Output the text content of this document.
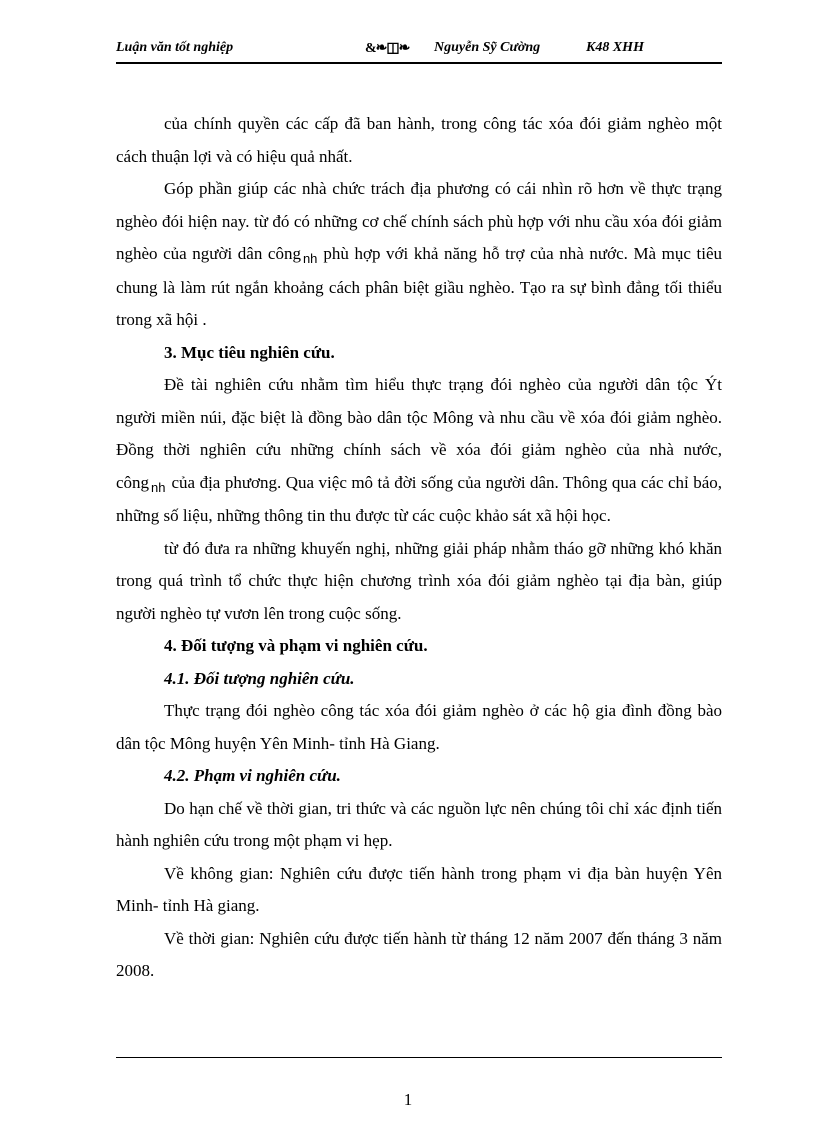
Luận văn tốt nghiệp	&❧◫❧ Nguyễn Sỹ Cường	K48 XHH

của chính quyền các cấp đã ban hành, trong công tác xóa đói giảm nghèo một cách thuận lợi và có hiệu quả nhất.

Góp phần giúp các nhà chức trách địa phương có cái nhìn rõ hơn về thực trạng nghèo đói hiện nay. từ đó có những cơ chế chính sách phù hợp với nhu cầu xóa đói giảm nghèo của người dân công $_{nh}$ phù hợp với khả năng hỗ trợ của nhà nước. Mà mục tiêu chung là làm rút ngắn khoảng cách phân biệt giầu nghèo. Tạo ra sự bình đẳng tối thiểu trong xã hội .

3. Mục tiêu nghiên cứu.

Đề tài nghiên cứu nhằm tìm hiểu thực trạng đói nghèo của người dân tộc Ýt người miền núi, đặc biệt là đồng bào dân tộc Mông và nhu cầu về xóa đói giảm nghèo. Đồng thời nghiên cứu những chính sách về xóa đói giảm nghèo của nhà nước, công $_{nh}$ của địa phương. Qua việc mô tả đời sống của người dân. Thông qua các chỉ báo, những số liệu, những thông tin thu được từ các cuộc khảo sát xã hội học.

từ đó đưa ra những khuyến nghị, những giải pháp nhằm tháo gỡ những khó khăn trong quá trình tổ chức thực hiện chương trình xóa đói giảm nghèo tại địa bàn, giúp người nghèo tự vươn lên trong cuộc sống.

4. Đối tượng và phạm vi nghiên cứu.

4.1. Đối tượng nghiên cứu.

Thực trạng đói nghèo công tác xóa đói giảm nghèo ở các hộ gia đình đồng bào dân tộc Mông huyện Yên Minh- tỉnh Hà Giang.

4.2. Phạm vi nghiên cứu.

Do hạn chế về thời gian, tri thức và các nguồn lực nên chúng tôi chỉ xác định tiến hành nghiên cứu trong một phạm vi hẹp.

Về không gian: Nghiên cứu được tiến hành trong phạm vi địa bàn huyện Yên Minh- tỉnh Hà giang.

Về thời gian: Nghiên cứu được tiến hành từ tháng 12 năm 2007 đến tháng 3 năm 2008.

1
